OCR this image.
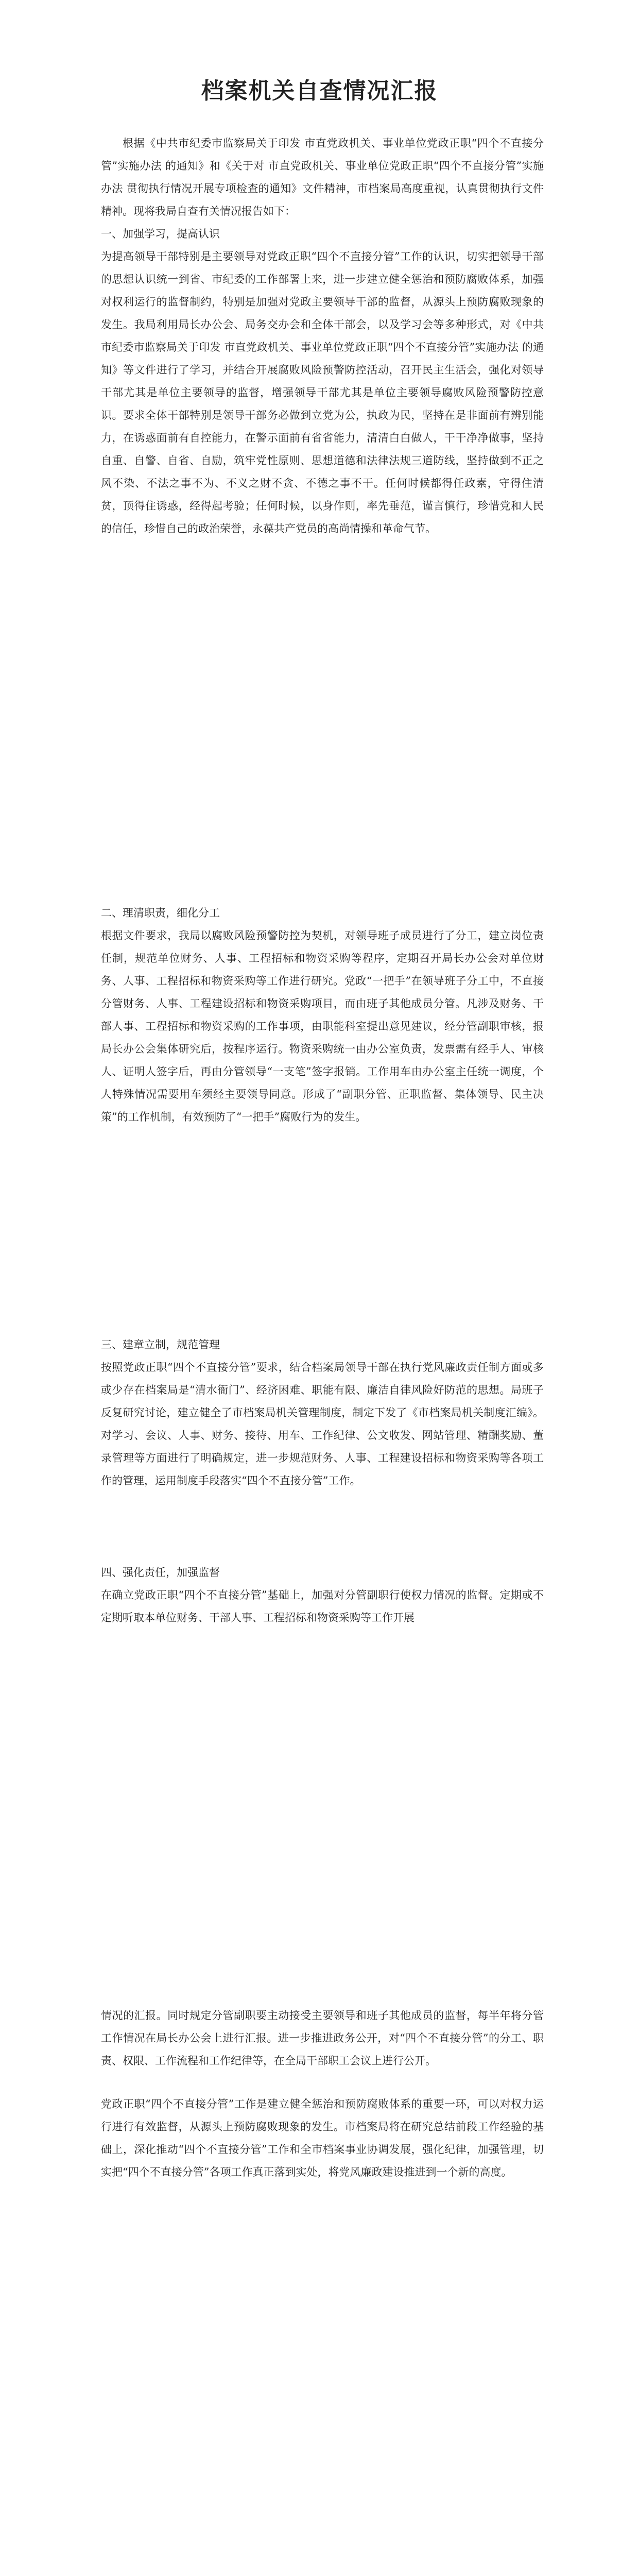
档案机关自查情况汇报

根据《中共市纪委市监察局关于印发 市直党政机关、事业单位党政正职“四个不直接分管”实施办法 的通知》和《关于对 市直党政机关、事业单位党政正职“四个不直接分管”实施办法 贯彻执行情况开展专项检查的通知》文件精神，市档案局高度重视，认真贯彻执行文件精神。现将我局自查有关情况报告如下：

一、加强学习，提高认识

为提高领导干部特别是主要领导对党政正职“四个不直接分管”工作的认识，切实把领导干部的思想认识统一到省、市纪委的工作部署上来，进一步建立健全惩治和预防腐败体系，加强对权利运行的监督制约，特别是加强对党政主要领导干部的监督，从源头上预防腐败现象的发生。我局利用局长办公会、局务交办会和全体干部会，以及学习会等多种形式，对《中共市纪委市监察局关于印发 市直党政机关、事业单位党政正职“四个不直接分管”实施办法 的通知》等文件进行了学习，并结合开展腐败风险预警防控活动，召开民主生活会，强化对领导干部尤其是单位主要领导的监督，增强领导干部尤其是单位主要领导腐败风险预警防控意识。要求全体干部特别是领导干部务必做到立党为公，执政为民，坚持在是非面前有辨别能力，在诱惑面前有自控能力，在警示面前有省省能力，清清白白做人，干干净净做事，坚持自重、自警、自省、自励，筑牢党性原则、思想道德和法律法规三道防线，坚持做到不正之风不染、不法之事不为、不义之财不贪、不德之事不干。任何时候都得任政素，守得住清贫，顶得住诱惑，经得起考验；任何时候，以身作则，率先垂范，谨言慎行，珍惜党和人民的信任，珍惜自己的政治荣誉，永葆共产党员的高尚情操和革命气节。

二、理清职责，细化分工

根据文件要求，我局以腐败风险预警防控为契机，对领导班子成员进行了分工，建立岗位责任制，规范单位财务、人事、工程招标和物资采购等程序，定期召开局长办公会对单位财务、人事、工程招标和物资采购等工作进行研究。党政“一把手”在领导班子分工中，不直接分管财务、人事、工程建设招标和物资采购项目，而由班子其他成员分管。凡涉及财务、干部人事、工程招标和物资采购的工作事项，由职能科室提出意见建议，经分管副职审核，报局长办公会集体研究后，按程序运行。物资采购统一由办公室负责，发票需有经手人、审核人、证明人签字后，再由分管领导“一支笔”签字报销。工作用车由办公室主任统一调度，个人特殊情况需要用车须经主要领导同意。形成了“副职分管、正职监督、集体领导、民主决策”的工作机制，有效预防了“一把手”腐败行为的发生。

三、建章立制，规范管理

按照党政正职“四个不直接分管”要求，结合档案局领导干部在执行党风廉政责任制方面或多或少存在档案局是“清水衙门”、经济困难、职能有限、廉洁自律风险好防范的思想。局班子反复研究讨论，建立健全了市档案局机关管理制度，制定下发了《市档案局机关制度汇编》。对学习、会议、人事、财务、接待、用车、工作纪律、公文收发、网站管理、精酬奖励、董录管理等方面进行了明确规定，进一步规范财务、人事、工程建设招标和物资采购等各项工作的管理，运用制度手段落实“四个不直接分管”工作。

四、强化责任，加强监督

在确立党政正职“四个不直接分管”基础上，加强对分管副职行使权力情况的监督。定期或不定期听取本单位财务、干部人事、工程招标和物资采购等工作开展

情况的汇报。同时规定分管副职要主动接受主要领导和班子其他成员的监督，每半年将分管工作情况在局长办公会上进行汇报。进一步推进政务公开，对“四个不直接分管”的分工、职责、权限、工作流程和工作纪律等，在全局干部职工会议上进行公开。

党政正职“四个不直接分管”工作是建立健全惩治和预防腐败体系的重要一环，可以对权力运行进行有效监督，从源头上预防腐败现象的发生。市档案局将在研究总结前段工作经验的基础上，深化推动“四个不直接分管”工作和全市档案事业协调发展，强化纪律，加强管理，切实把“四个不直接分管”各项工作真正落到实处，将党风廉政建设推进到一个新的高度。
